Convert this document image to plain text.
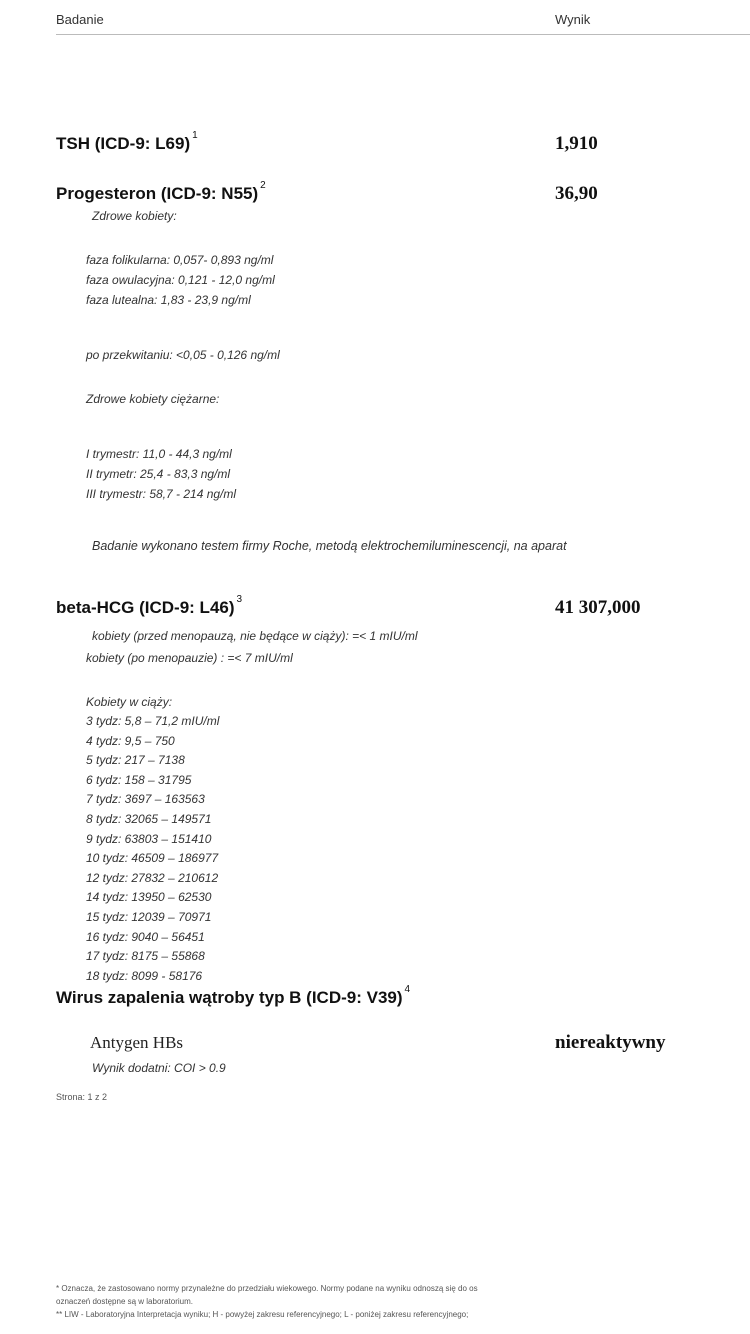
Badanie	Wynik
TSH (ICD-9: L69) $^1$	1,910
Progesteron (ICD-9: N55) $^2$	36,90
Zdrowe kobiety:
faza folikularna: 0,057- 0,893 ng/ml
faza owulacyjna: 0,121 - 12,0 ng/ml
faza lutealna: 1,83 - 23,9 ng/ml
po przekwitaniu: <0,05 - 0,126 ng/ml
Zdrowe kobiety ciężarne:
I trymestr: 11,0 - 44,3 ng/ml
II trymetr: 25,4 - 83,3 ng/ml
III trymestr: 58,7 - 214 ng/ml
Badanie wykonano testem firmy Roche, metodą elektrochemiluminescencji, na aparat
beta-HCG (ICD-9: L46) $^3$	41 307,000
kobiety (przed menopauzą, nie będące w ciąży): =< 1 mIU/ml
kobiety (po menopauzie) : =< 7 mIU/ml
Kobiety w ciąży:
3 tydz: 5,8 – 71,2 mIU/ml
4 tydz: 9,5 – 750
5 tydz: 217 – 7138
6 tydz: 158 – 31795
7 tydz: 3697 – 163563
8 tydz: 32065 – 149571
9 tydz: 63803 – 151410
10 tydz: 46509 – 186977
12 tydz: 27832 – 210612
14 tydz: 13950 – 62530
15 tydz: 12039 – 70971
16 tydz: 9040 – 56451
17 tydz: 8175 – 55868
18 tydz: 8099 - 58176
Wirus zapalenia wątroby typ B (ICD-9: V39) $^4$
Antygen HBs	niereaktywny
Wynik dodatni: COI > 0.9
Strona: 1 z 2
* Oznacza, że zastosowano normy przynależne do przedziału wiekowego. Normy podane na wyniku odnoszą się do os
oznaczeń dostępne są w laboratorium.
** LIW - Laboratoryjna Interpretacja wyniku; H - powyżej zakresu referencyjnego; L - poniżej zakresu referencyjnego;
